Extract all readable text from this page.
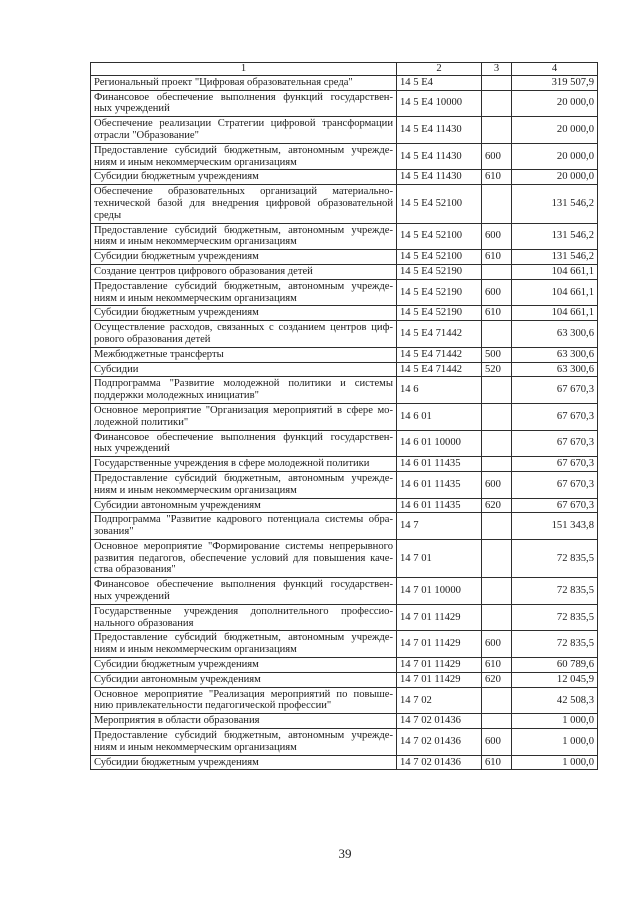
1	2	3	4

Региональный проект "Цифровая образовательная среда"	14 5 E4		319 507,9

Финансовое обеспечение выполнения функций государствен-
ных учреждений	14 5 E4 10000		20 000,0

Обеспечение реализации Стратегии цифровой трансформации
отрасли "Образование"	14 5 E4 11430		20 000,0

Предоставление субсидий бюджетным, автономным учрежде-
ниям и иным некоммерческим организациям	14 5 E4 11430	600	20 000,0

Субсидии бюджетным учреждениям	14 5 E4 11430	610	20 000,0

Обеспечение образовательных организаций материально-
технической базой для внедрения цифровой образовательной
среды	14 5 E4 52100		131 546,2

Предоставление субсидий бюджетным, автономным учрежде-
ниям и иным некоммерческим организациям	14 5 E4 52100	600	131 546,2

Субсидии бюджетным учреждениям	14 5 E4 52100	610	131 546,2

Создание центров цифрового образования детей	14 5 E4 52190		104 661,1

Предоставление субсидий бюджетным, автономным учрежде-
ниям и иным некоммерческим организациям	14 5 E4 52190	600	104 661,1

Субсидии бюджетным учреждениям	14 5 E4 52190	610	104 661,1

Осуществление расходов, связанных с созданием центров циф-
рового образования детей	14 5 E4 71442		63 300,6

Межбюджетные трансферты	14 5 E4 71442	500	63 300,6

Субсидии	14 5 E4 71442	520	63 300,6

Подпрограмма "Развитие молодежной политики и системы
поддержки молодежных инициатив"	14 6		67 670,3

Основное мероприятие "Организация мероприятий в сфере мо-
лодежной политики"	14 6 01		67 670,3

Финансовое обеспечение выполнения функций государствен-
ных учреждений	14 6 01 10000		67 670,3

Государственные учреждения в сфере молодежной политики	14 6 01 11435		67 670,3

Предоставление субсидий бюджетным, автономным учрежде-
ниям и иным некоммерческим организациям	14 6 01 11435	600	67 670,3

Субсидии автономным учреждениям	14 6 01 11435	620	67 670,3

Подпрограмма "Развитие кадрового потенциала системы обра-
зования"	14 7		151 343,8

Основное мероприятие "Формирование системы непрерывного
развития педагогов, обеспечение условий для повышения каче-
ства образования"	14 7 01		72 835,5

Финансовое обеспечение выполнения функций государствен-
ных учреждений	14 7 01 10000		72 835,5

Государственные учреждения дополнительного профессио-
нального образования	14 7 01 11429		72 835,5

Предоставление субсидий бюджетным, автономным учрежде-
ниям и иным некоммерческим организациям	14 7 01 11429	600	72 835,5

Субсидии бюджетным учреждениям	14 7 01 11429	610	60 789,6

Субсидии автономным учреждениям	14 7 01 11429	620	12 045,9

Основное мероприятие "Реализация мероприятий по повыше-
нию привлекательности педагогической профессии"	14 7 02		42 508,3

Мероприятия в области образования	14 7 02 01436		1 000,0

Предоставление субсидий бюджетным, автономным учрежде-
ниям и иным некоммерческим организациям	14 7 02 01436	600	1 000,0

Субсидии бюджетным учреждениям	14 7 02 01436	610	1 000,0
39
